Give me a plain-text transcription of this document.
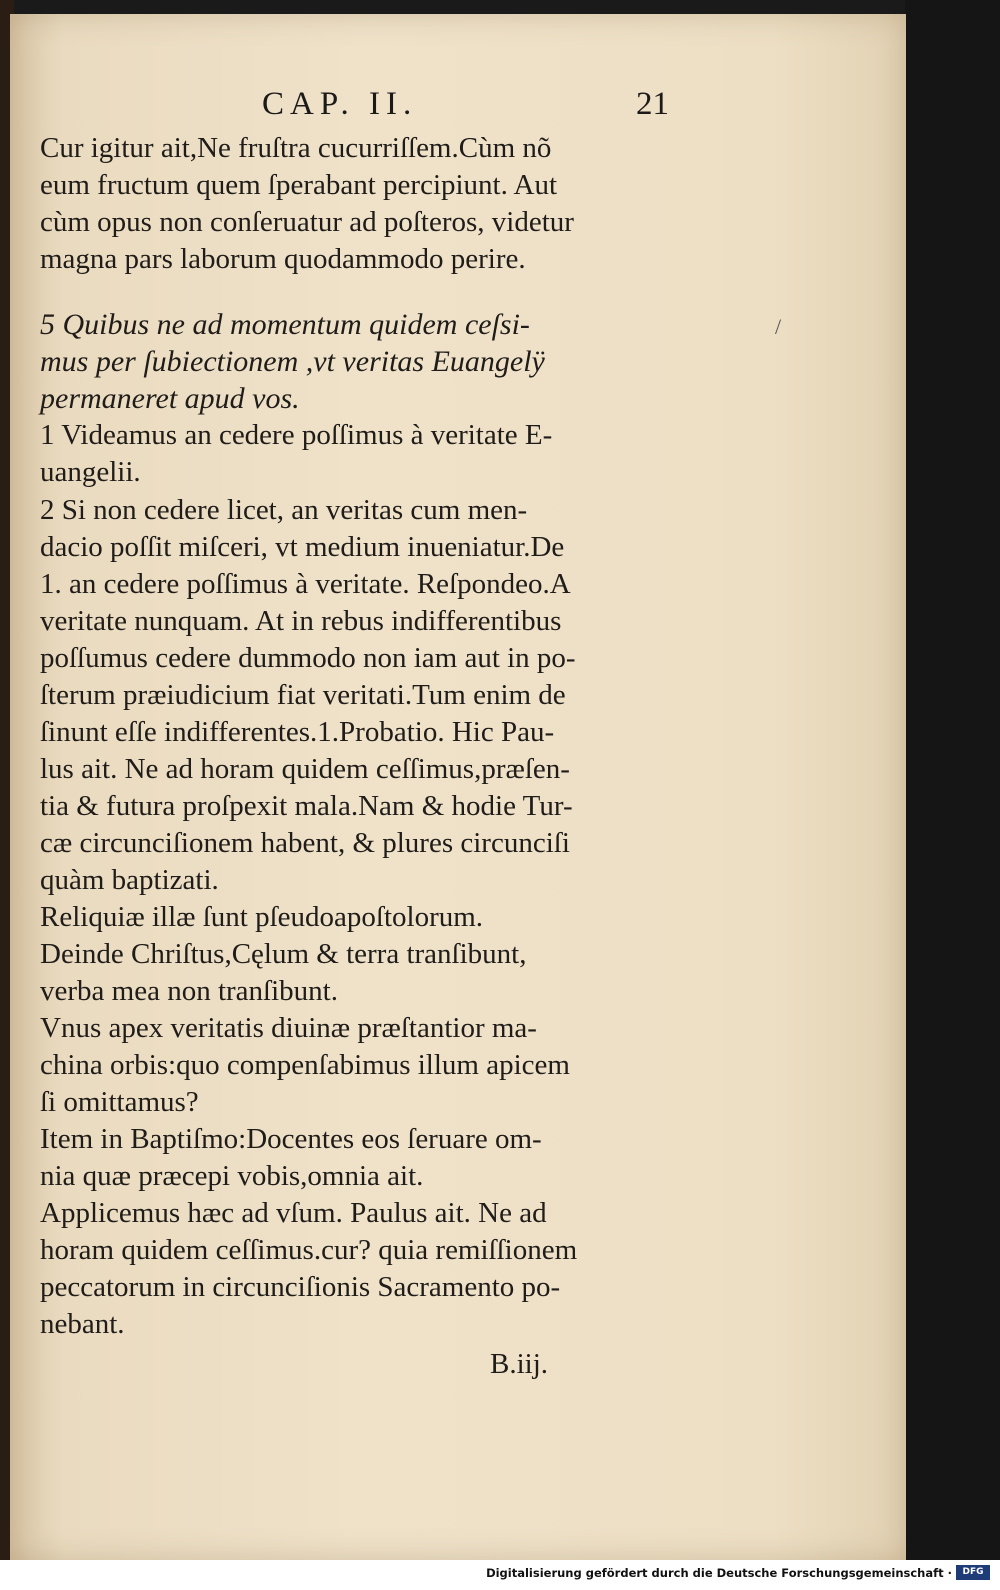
CAP. II.	21
Cur igitur ait,Ne fruſtra cucurriſſem.Cùm nõ
eum fructum quem ſperabant percipiunt. Aut
cùm opus non conſeruatur ad poſteros, videtur
magna pars laborum quodammodo perire.
5 Quibus ne ad momentum quidem ceſsi-
mus per ſubiectionem ,vt veritas Euangelÿ
permaneret apud vos.
1 Videamus an cedere poſſimus à veritate E-
uangelii.
2 Si non cedere licet, an veritas cum men-
dacio poſſit miſceri, vt medium inueniatur.De
1. an cedere poſſimus à veritate. Reſpondeo.A
veritate nunquam. At in rebus indifferentibus
poſſumus cedere dummodo non iam aut in po-
ſterum præiudicium fiat veritati.Tum enim de
ſinunt eſſe indifferentes.1.Probatio. Hic Pau-
lus ait. Ne ad horam quidem ceſſimus,præſen-
tia & futura proſpexit mala.Nam & hodie Tur-
cæ circunciſionem habent, & plures circunciſi
quàm baptizati.
Reliquiæ illæ ſunt pſeudoapoſtolorum.
Deinde Chriſtus,Cęlum & terra tranſibunt,
verba mea non tranſibunt.
Vnus apex veritatis diuinæ præſtantior ma-
china orbis:quo compenſabimus illum apicem
ſi omittamus?
Item in Baptiſmo:Docentes eos ſeruare om-
nia quæ præcepi vobis,omnia ait.
Applicemus hæc ad vſum. Paulus ait. Ne ad
horam quidem ceſſimus.cur? quia remiſſionem
peccatorum in circunciſionis Sacramento po-
nebant.
/
B.iij.
Digitalisierung gefördert durch die Deutsche Forschungsgemeinschaft ·	DFG
